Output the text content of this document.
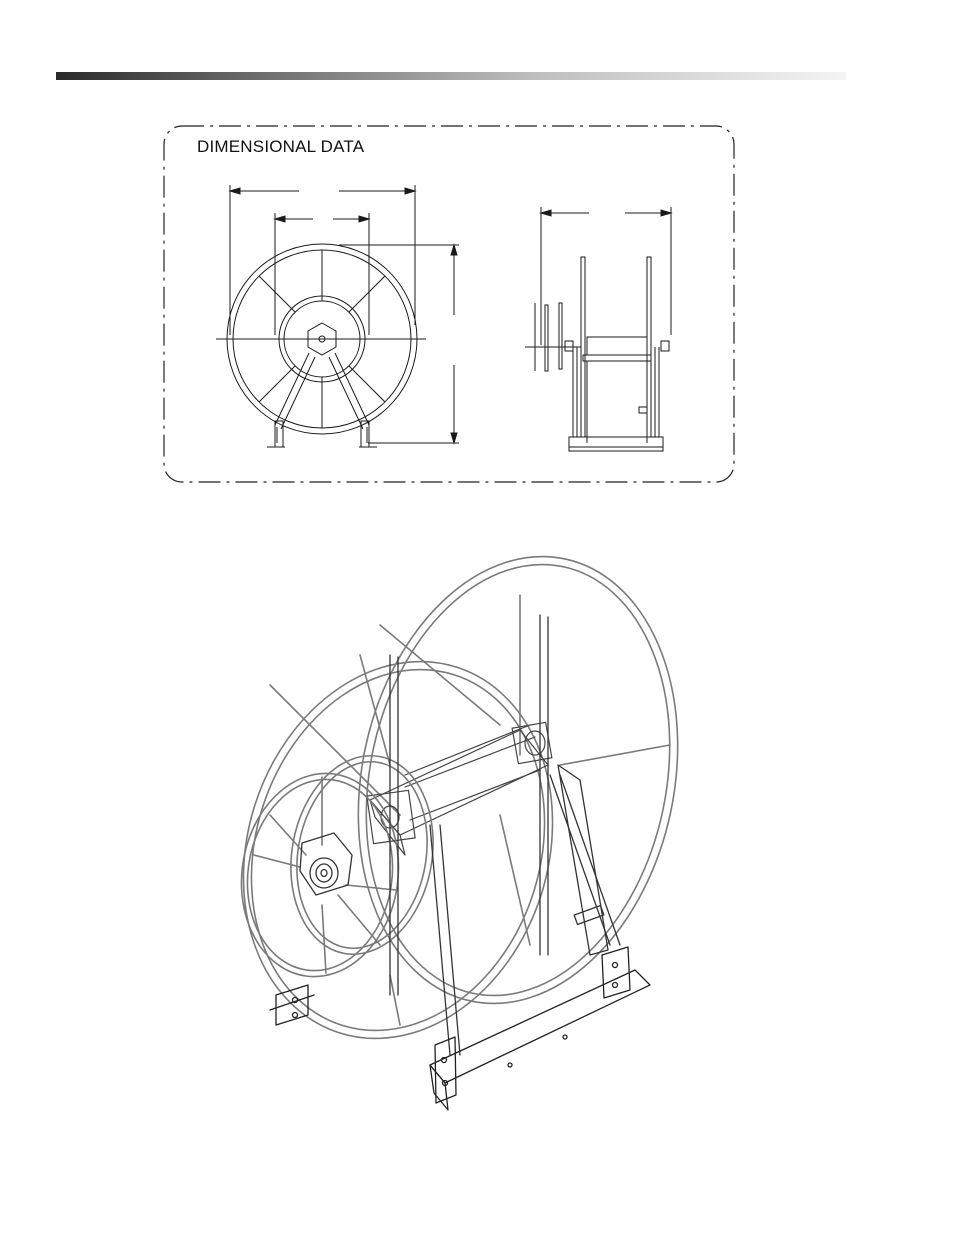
DIMENSIONAL DATA
